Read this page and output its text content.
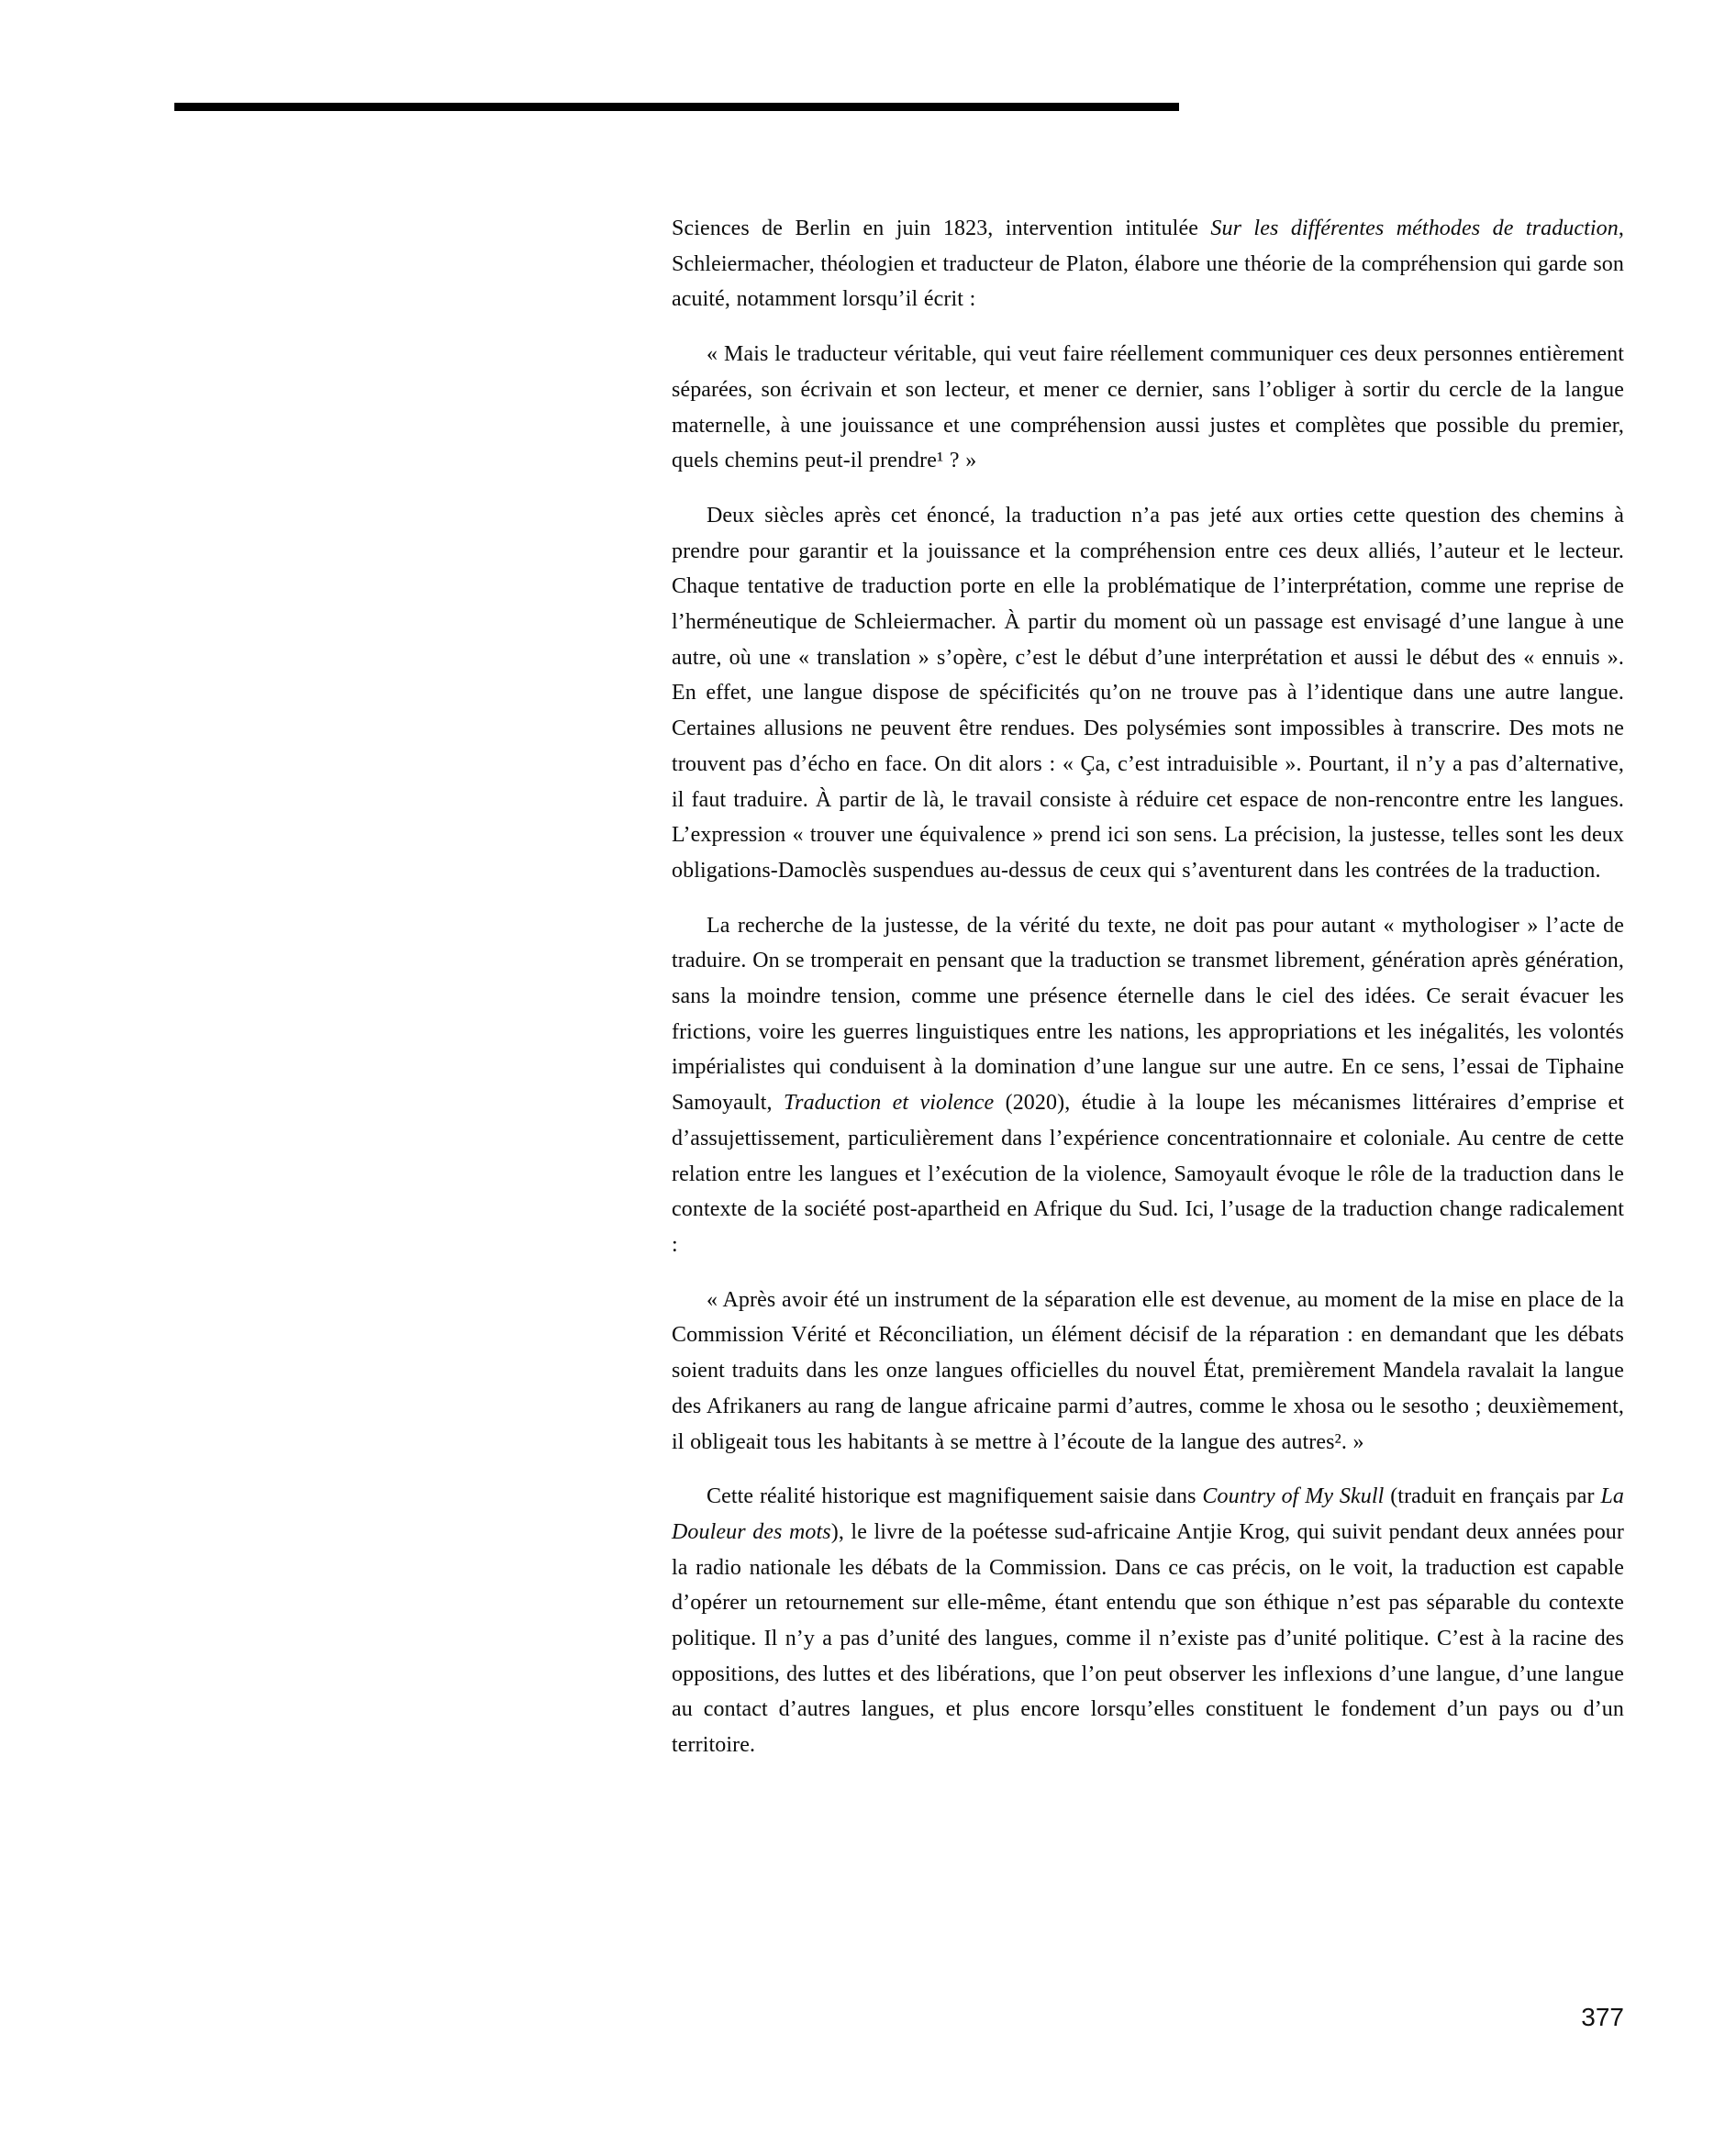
Sciences de Berlin en juin 1823, intervention intitulée Sur les différentes méthodes de traduction, Schleiermacher, théologien et traducteur de Platon, élabore une théorie de la compréhension qui garde son acuité, notamment lorsqu’il écrit :

« Mais le traducteur véritable, qui veut faire réellement communiquer ces deux personnes entièrement séparées, son écrivain et son lecteur, et mener ce dernier, sans l’obliger à sortir du cercle de la langue maternelle, à une jouissance et une compréhension aussi justes et complètes que possible du premier, quels chemins peut-il prendre¹ ? »

Deux siècles après cet énoncé, la traduction n’a pas jeté aux orties cette question des chemins à prendre pour garantir et la jouissance et la compréhension entre ces deux alliés, l’auteur et le lecteur. Chaque tentative de traduction porte en elle la problématique de l’interprétation, comme une reprise de l’herméneutique de Schleiermacher. À partir du moment où un passage est envisagé d’une langue à une autre, où une « translation » s’opère, c’est le début d’une interprétation et aussi le début des « ennuis ». En effet, une langue dispose de spécificités qu’on ne trouve pas à l’identique dans une autre langue. Certaines allusions ne peuvent être rendues. Des polysémies sont impossibles à transcrire. Des mots ne trouvent pas d’écho en face. On dit alors : « Ça, c’est intraduisible ». Pourtant, il n’y a pas d’alternative, il faut traduire. À partir de là, le travail consiste à réduire cet espace de non-rencontre entre les langues. L’expression « trouver une équivalence » prend ici son sens. La précision, la justesse, telles sont les deux obligations-Damoclès suspendues au-dessus de ceux qui s’aventurent dans les contrées de la traduction.

La recherche de la justesse, de la vérité du texte, ne doit pas pour autant « mythologiser » l’acte de traduire. On se tromperait en pensant que la traduction se transmet librement, génération après génération, sans la moindre tension, comme une présence éternelle dans le ciel des idées. Ce serait évacuer les frictions, voire les guerres linguistiques entre les nations, les appropriations et les inégalités, les volontés impérialistes qui conduisent à la domination d’une langue sur une autre. En ce sens, l’essai de Tiphaine Samoyault, Traduction et violence (2020), étudie à la loupe les mécanismes littéraires d’emprise et d’assujettissement, particulièrement dans l’expérience concentrationnaire et coloniale. Au centre de cette relation entre les langues et l’exécution de la violence, Samoyault évoque le rôle de la traduction dans le contexte de la société post-apartheid en Afrique du Sud. Ici, l’usage de la traduction change radicalement :

« Après avoir été un instrument de la séparation elle est devenue, au moment de la mise en place de la Commission Vérité et Réconciliation, un élément décisif de la réparation : en demandant que les débats soient traduits dans les onze langues officielles du nouvel État, premièrement Mandela ravalait la langue des Afrikaners au rang de langue africaine parmi d’autres, comme le xhosa ou le sesotho ; deuxièmement, il obligeait tous les habitants à se mettre à l’écoute de la langue des autres². »

Cette réalité historique est magnifiquement saisie dans Country of My Skull (traduit en français par La Douleur des mots), le livre de la poétesse sud-africaine Antjie Krog, qui suivit pendant deux années pour la radio nationale les débats de la Commission. Dans ce cas précis, on le voit, la traduction est capable d’opérer un retournement sur elle-même, étant entendu que son éthique n’est pas séparable du contexte politique. Il n’y a pas d’unité des langues, comme il n’existe pas d’unité politique. C’est à la racine des oppositions, des luttes et des libérations, que l’on peut observer les inflexions d’une langue, d’une langue au contact d’autres langues, et plus encore lorsqu’elles constituent le fondement d’un pays ou d’un territoire.

377
